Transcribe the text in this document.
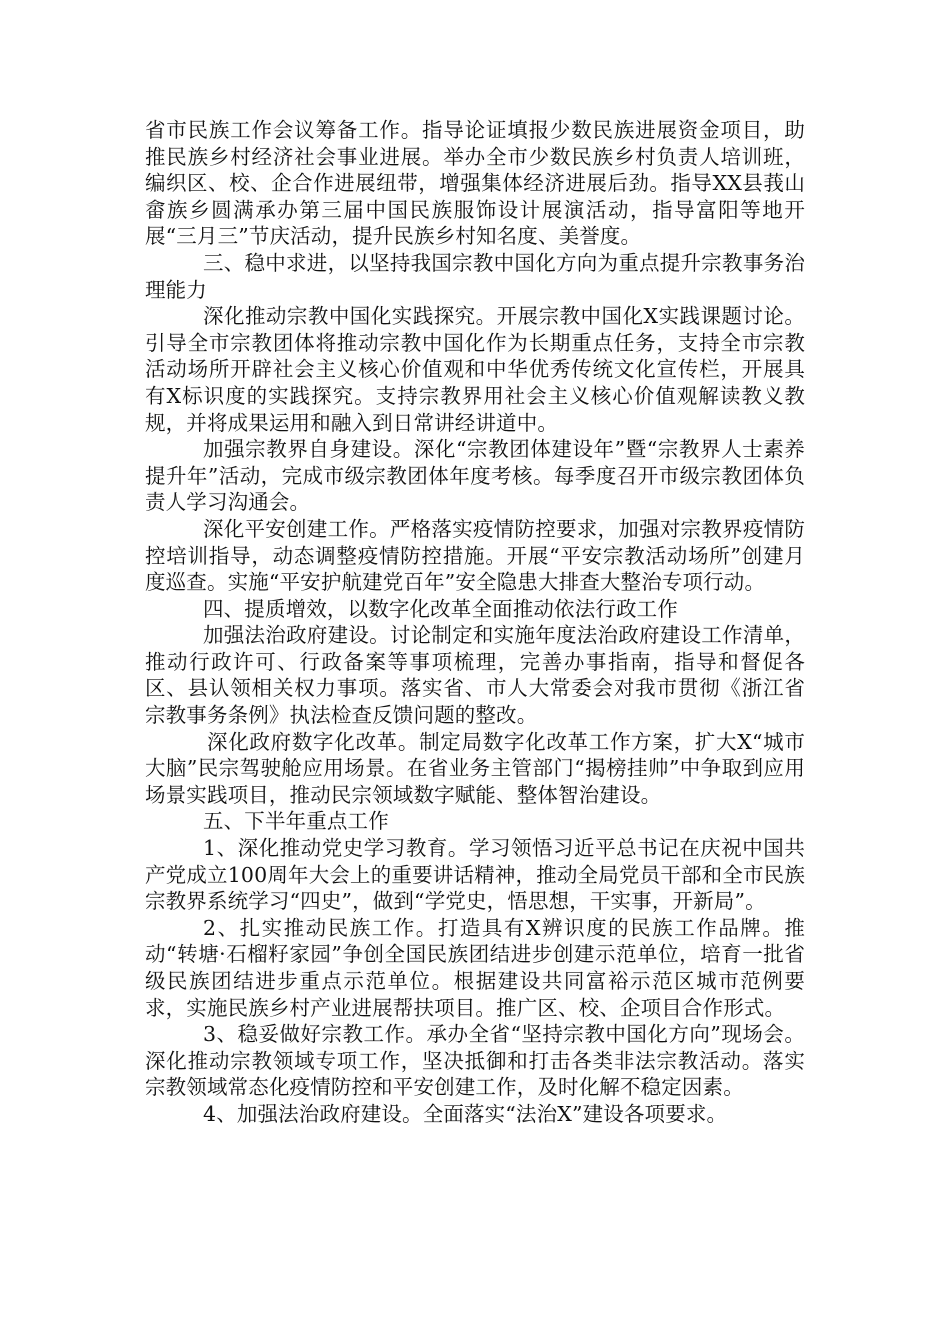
省市民族工作会议筹备工作。指导论证填报少数民族进展资金项目，助推民族乡村经济社会事业进展。举办全市少数民族乡村负责人培训班，编织区、校、企合作进展纽带，增强集体经济进展后劲。指导XX县莪山畲族乡圆满承办第三届中国民族服饰设计展演活动，指导富阳等地开展“三月三”节庆活动，提升民族乡村知名度、美誉度。

三、稳中求进，以坚持我国宗教中国化方向为重点提升宗教事务治理能力

深化推动宗教中国化实践探究。开展宗教中国化X实践课题讨论。引导全市宗教团体将推动宗教中国化作为长期重点任务，支持全市宗教活动场所开辟社会主义核心价值观和中华优秀传统文化宣传栏，开展具有X标识度的实践探究。支持宗教界用社会主义核心价值观解读教义教规，并将成果运用和融入到日常讲经讲道中。

加强宗教界自身建设。深化“宗教团体建设年”暨“宗教界人士素养提升年”活动，完成市级宗教团体年度考核。每季度召开市级宗教团体负责人学习沟通会。

深化平安创建工作。严格落实疫情防控要求，加强对宗教界疫情防控培训指导，动态调整疫情防控措施。开展“平安宗教活动场所”创建月度巡查。实施“平安护航建党百年”安全隐患大排查大整治专项行动。

四、提质增效，以数字化改革全面推动依法行政工作

加强法治政府建设。讨论制定和实施年度法治政府建设工作清单，推动行政许可、行政备案等事项梳理，完善办事指南，指导和督促各区、县认领相关权力事项。落实省、市人大常委会对我市贯彻《浙江省宗教事务条例》执法检查反馈问题的整改。

深化政府数字化改革。制定局数字化改革工作方案，扩大X“城市大脑”民宗驾驶舱应用场景。在省业务主管部门“揭榜挂帅”中争取到应用场景实践项目，推动民宗领域数字赋能、整体智治建设。

五、下半年重点工作

1、深化推动党史学习教育。学习领悟习近平总书记在庆祝中国共产党成立100周年大会上的重要讲话精神，推动全局党员干部和全市民族宗教界系统学习“四史”，做到“学党史，悟思想，干实事，开新局”。

2、扎实推动民族工作。打造具有X辨识度的民族工作品牌。推动“转塘·石榴籽家园”争创全国民族团结进步创建示范单位，培育一批省级民族团结进步重点示范单位。根据建设共同富裕示范区城市范例要求，实施民族乡村产业进展帮扶项目。推广区、校、企项目合作形式。

3、稳妥做好宗教工作。承办全省“坚持宗教中国化方向”现场会。深化推动宗教领域专项工作，坚决抵御和打击各类非法宗教活动。落实宗教领域常态化疫情防控和平安创建工作，及时化解不稳定因素。

4、加强法治政府建设。全面落实“法治X”建设各项要求。
